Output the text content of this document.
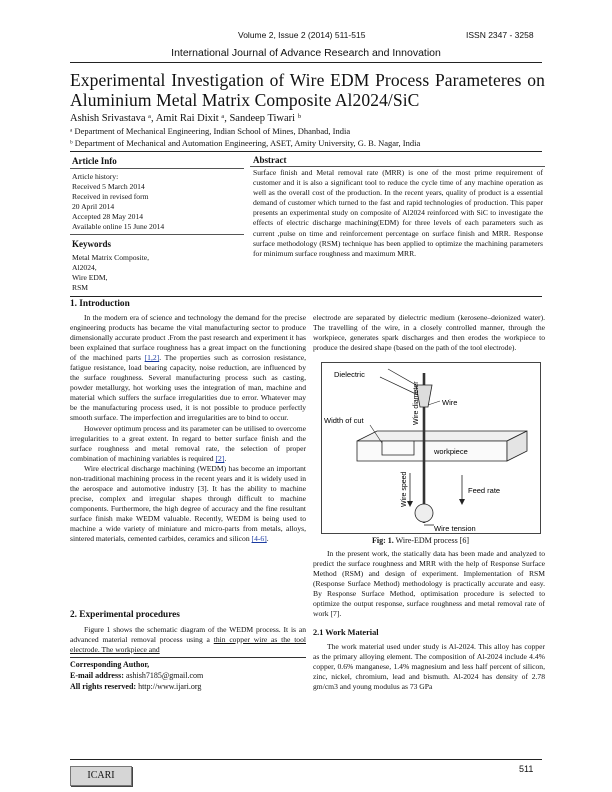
Volume 2, Issue 2 (2014) 511-515	ISSN 2347 - 3258
International Journal of Advance Research and Innovation
Experimental Investigation of Wire EDM Process Parameteres on Aluminium Metal Matrix Composite Al2024/SiC
Ashish Srivastava ᵃ, Amit Rai Dixit ᵃ, Sandeep Tiwari ᵇ
ᵃ Department of Mechanical Engineering, Indian School of Mines, Dhanbad, India
ᵇ Department of Mechanical and Automation Engineering, ASET, Amity University, G. B. Nagar, India
Article Info
Article history:
Received 5 March 2014
Received in revised form
20 April 2014
Accepted 28 May 2014
Available online 15 June 2014
Keywords
Metal Matrix Composite,
Al2024,
Wire EDM,
RSM
Abstract
Surface finish and Metal removal rate (MRR) is one of the most prime requirement of customer and it is also a significant tool to reduce the cycle time of any machine operation as well as the overall cost of the production. In the recent years, quality of product is a essential demand of customer which turned to the fast and rapid technologies of production. This paper presents an experimental study on composite of Al2024 reinforced with SiC to investigate the effects of electric discharge machining(EDM) for three levels of each parameters such as current ,pulse on time and reinforcement percentage on surface finish and MRR. Response surface methodology (RSM) technique has been applied to optimize the machining parameters for minimum surface roughness and maximum MRR.
1. Introduction

In the modern era of science and technology the demand for the precise engineering products has became the vital manufacturing sector to produce dimensionally accurate product .From the past research and experiment it has been explained that surface roughness has a great impact on the functioning of the machined parts [1,2]. The properties such as corrosion resistance, fatigue resistance, load bearing capacity, noise reduction, are influenced by the surface roughness. Several manufacturing process such as casting, powder metallurgy, hot working uses the integration of man, machine and material which suffers the surface irregularities due to error. Whatever may be the manufacturing process used, it is not possible to produce perfectly smooth surface. The imperfection and irregularities are to bind to occur.

However optimum process and its parameter can be utilised to overcome irregularities to a great extent. In regard to better surface finish and the surface roughness and metal removal rate, the selection of proper combination of machining variables is required [2].

Wire electrical discharge machining (WEDM) has become an important non-traditional machining process in the recent years and it is widely used in the aerospace and automotive industry [3]. It has the ability to machine precise, complex and irregular shapes through difficult to machine components. Furthermore, the high degree of accuracy and the fine resultant surface finish make WEDM valuable. Recently, WEDM is being used to machine a wide variety of miniature and micro-parts from metals, alloys, sintered materials, cemented carbides, ceramics and silicon [4-6].

2. Experimental procedures

Figure 1 shows the schematic diagram of the WEDM process. It is an advanced material removal process using a thin copper wire as the tool electrode. The workpiece and

Corresponding Author,
E-mail address: ashish7185@gmail.com
All rights reserved: http://www.ijari.org

electrode are separated by dielectric medium (kerosene–deionized water). The travelling of the wire, in a closely controlled manner, through the workpiece, generates spark discharges and then erodes the workpiece to produce the desired shape (based on the path of the tool electrode).

Dielectric
Wire
Width of cut
workpiece
Feed rate
Wire tension
Wire diameter
Wire speed
Fig: 1. Wire-EDM process [6]

In the present work, the statically data has been made and analyzed to predict the surface roughness and MRR with the help of Response Surface Method (RSM) and design of experiment. Implementation of RSM (Response Surface Method) methodology is practically accurate and easy. By Response Surface Method, optimisation procedure is selected to optimize the output response, surface roughness and metal removal rate of work [7].

2.1 Work Material

The work material used under study is Al-2024. This alloy has copper as the primary alloying element. The composition of Al-2024 include 4.4% copper, 0.6% manganese, 1.4% magnesium and less half percent of silicon, zinc, nickel, chromium, lead and bismuth. Al-2024 has density of 2.78 gm/cm3 and young modulus as 73 GPa

ICARI
511
